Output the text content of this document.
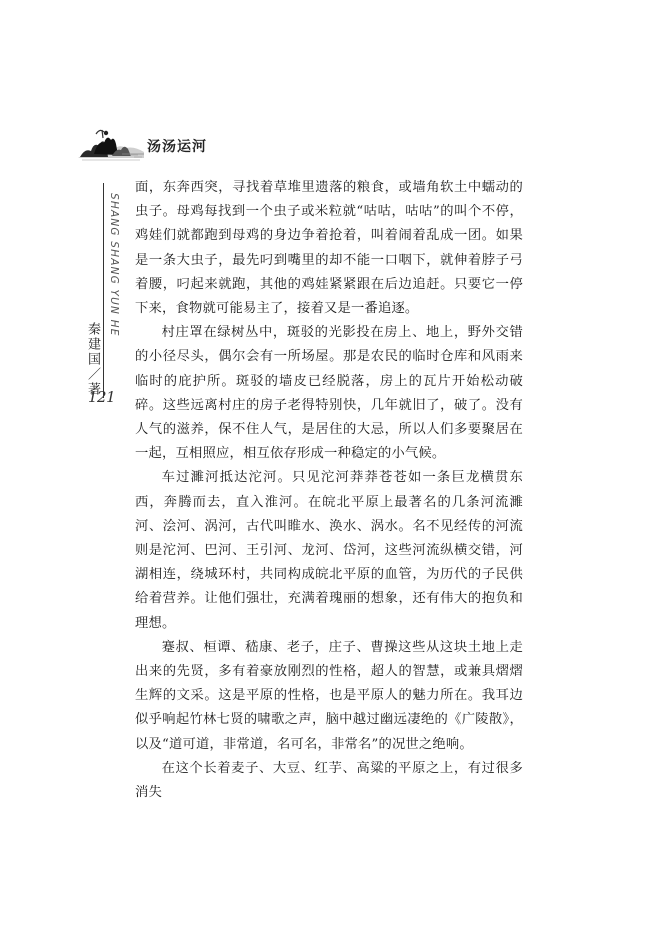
汤汤运河
SHANG SHANG YUN HE
秦建国／著
121

面，东奔西突，寻找着草堆里遗落的粮食，或墙角软土中蠕动的虫子。母鸡每找到一个虫子或米粒就“咕咕，咕咕”的叫个不停，鸡娃们就都跑到母鸡的身边争着抢着，叫着闹着乱成一团。如果是一条大虫子，最先叼到嘴里的却不能一口咽下，就伸着脖子弓着腰，叼起来就跑，其他的鸡娃紧紧跟在后边追赶。只要它一停下来，食物就可能易主了，接着又是一番追逐。

村庄罩在绿树丛中，斑驳的光影投在房上、地上，野外交错的小径尽头，偶尔会有一所场屋。那是农民的临时仓库和风雨来临时的庇护所。斑驳的墙皮已经脱落，房上的瓦片开始松动破碎。这些远离村庄的房子老得特别快，几年就旧了，破了。没有人气的滋养，保不住人气，是居住的大忌，所以人们多要聚居在一起，互相照应，相互依存形成一种稳定的小气候。

车过濉河抵达沱河。只见沱河莽莽苍苍如一条巨龙横贯东西，奔腾而去，直入淮河。在皖北平原上最著名的几条河流濉河、浍河、涡河，古代叫睢水、涣水、涡水。名不见经传的河流则是沱河、巴河、王引河、龙河、岱河，这些河流纵横交错，河湖相连，绕城环村，共同构成皖北平原的血管，为历代的子民供给着营养。让他们强壮，充满着瑰丽的想象，还有伟大的抱负和理想。

蹇叔、桓谭、嵇康、老子，庄子、曹操这些从这块土地上走出来的先贤，多有着豪放刚烈的性格，超人的智慧，或兼具熠熠生辉的文采。这是平原的性格，也是平原人的魅力所在。我耳边似乎响起竹林七贤的啸歌之声，脑中越过幽远凄绝的《广陵散》，以及“道可道，非常道，名可名，非常名”的况世之绝响。

在这个长着麦子、大豆、红芋、高粱的平原之上，有过很多消失
